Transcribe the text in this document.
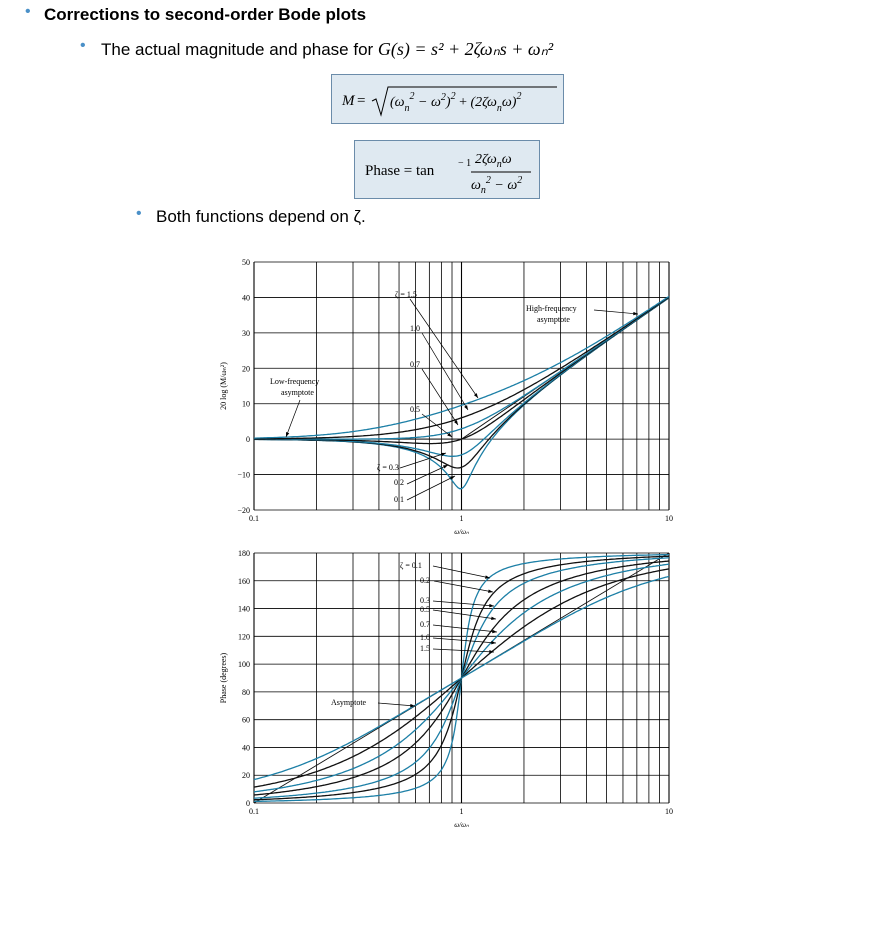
• Corrections to second-order Bode plots
• The actual magnitude and phase for G(s) = s² + 2ζωₙs + ωₙ²
$M = (\omega_n^2 - \omega^2)^2 + (2\zeta\omega_n\omega)^2$
Phase = tan − 1 $2\zeta\omega_n\omega$
$\omega_n^2 - \omega^2$
• Both functions depend on ζ.
50
40
30
20
10
0
−10
−20
0.1	1	10
ω/ωₙ
20 log (M/ωₙ²)
ζ = 1.5
1.0
0.7
0.5
ζ = 0.3
0.2
0.1
Low-frequency
asymptote
High-frequency
asymptote
180
160
140
120
100
80
60
40
20
0
0.1	1	10
ω/ωₙ
Phase (degrees)
ζ = 0.1
0.2
0.3
0.5
0.7
1.0
1.5
Asymptote
